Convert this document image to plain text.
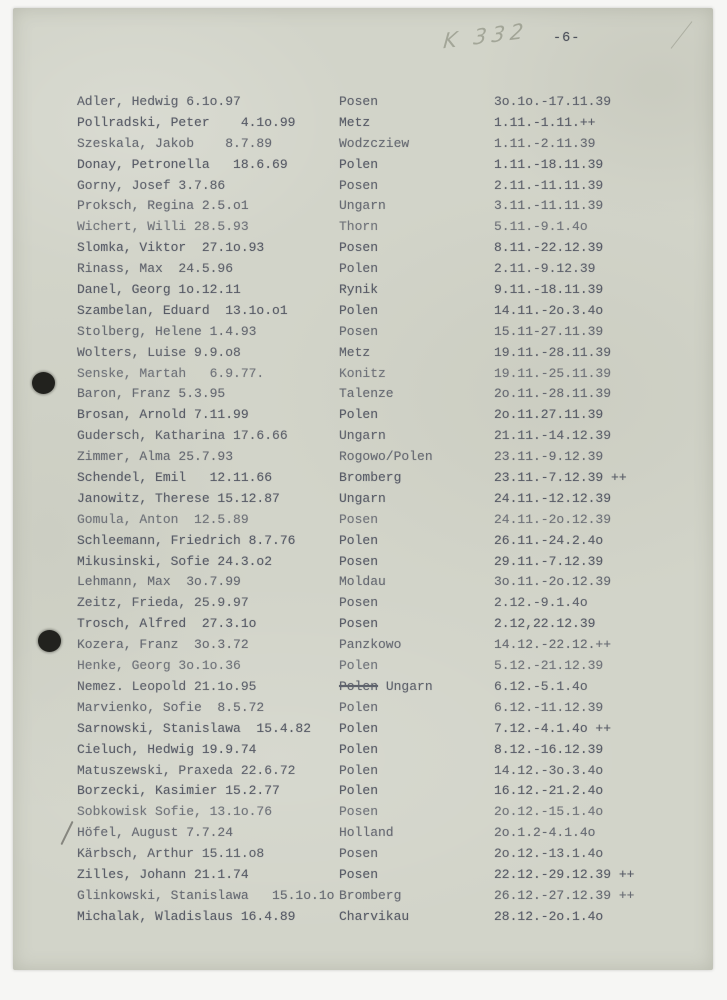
K 332 -6-
Adler, Hedwig 6.1o.97	Posen	3o.1o.-17.11.39
Pollradski, Peter    4.1o.99	Metz	1.11.-1.11.++
Szeskala, Jakob    8.7.89	Wodzcziew	1.11.-2.11.39
Donay, Petronella   18.6.69	Polen	1.11.-18.11.39
Gorny, Josef 3.7.86	Posen	2.11.-11.11.39
Proksch, Regina 2.5.o1	Ungarn	3.11.-11.11.39
Wichert, Willi 28.5.93	Thorn	5.11.-9.1.4o
Slomka, Viktor  27.1o.93	Posen	8.11.-22.12.39
Rinass, Max  24.5.96	Polen	2.11.-9.12.39
Danel, Georg 1o.12.11	Rynik	9.11.-18.11.39
Szambelan, Eduard  13.1o.o1	Polen	14.11.-2o.3.4o
Stolberg, Helene 1.4.93	Posen	15.11-27.11.39
Wolters, Luise 9.9.o8	Metz	19.11.-28.11.39
Senske, Martah   6.9.77.	Konitz	19.11.-25.11.39
Baron, Franz 5.3.95	Talenze	2o.11.-28.11.39
Brosan, Arnold 7.11.99	Polen	2o.11.27.11.39
Gudersch, Katharina 17.6.66	Ungarn	21.11.-14.12.39
Zimmer, Alma 25.7.93	Rogowo/Polen	23.11.-9.12.39
Schendel, Emil   12.11.66	Bromberg	23.11.-7.12.39 ++
Janowitz, Therese 15.12.87	Ungarn	24.11.-12.12.39
Gomula, Anton  12.5.89	Posen	24.11.-2o.12.39
Schleemann, Friedrich 8.7.76	Polen	26.11.-24.2.4o
Mikusinski, Sofie 24.3.o2	Posen	29.11.-7.12.39
Lehmann, Max  3o.7.99	Moldau	3o.11.-2o.12.39
Zeitz, Frieda, 25.9.97	Posen	2.12.-9.1.4o
Trosch, Alfred  27.3.1o	Posen	2.12,22.12.39
Kozera, Franz  3o.3.72	Panzkowo	14.12.-22.12.++
Henke, Georg 3o.1o.36	Polen	5.12.-21.12.39
Nemez. Leopold 21.1o.95	Polen Ungarn	6.12.-5.1.4o
Marvienko, Sofie  8.5.72	Polen	6.12.-11.12.39
Sarnowski, Stanislawa  15.4.82 Polen	7.12.-4.1.4o ++
Cieluch, Hedwig 19.9.74	Polen	8.12.-16.12.39
Matuszewski, Praxeda 22.6.72	Polen	14.12.-3o.3.4o
Borzecki, Kasimier 15.2.77	Polen	16.12.-21.2.4o
Sobkowisk Sofie, 13.1o.76	Posen	2o.12.-15.1.4o
Höfel, August 7.7.24	Holland	2o.1.2-4.1.4o
Kärbsch, Arthur 15.11.o8	Posen	2o.12.-13.1.4o
Zilles, Johann 21.1.74	Posen	22.12.-29.12.39 ++
Glinkowski, Stanislawa   15.1o.1o Bromberg	26.12.-27.12.39 ++
Michalak, Wladislaus 16.4.89	Charvikau	28.12.-2o.1.4o
